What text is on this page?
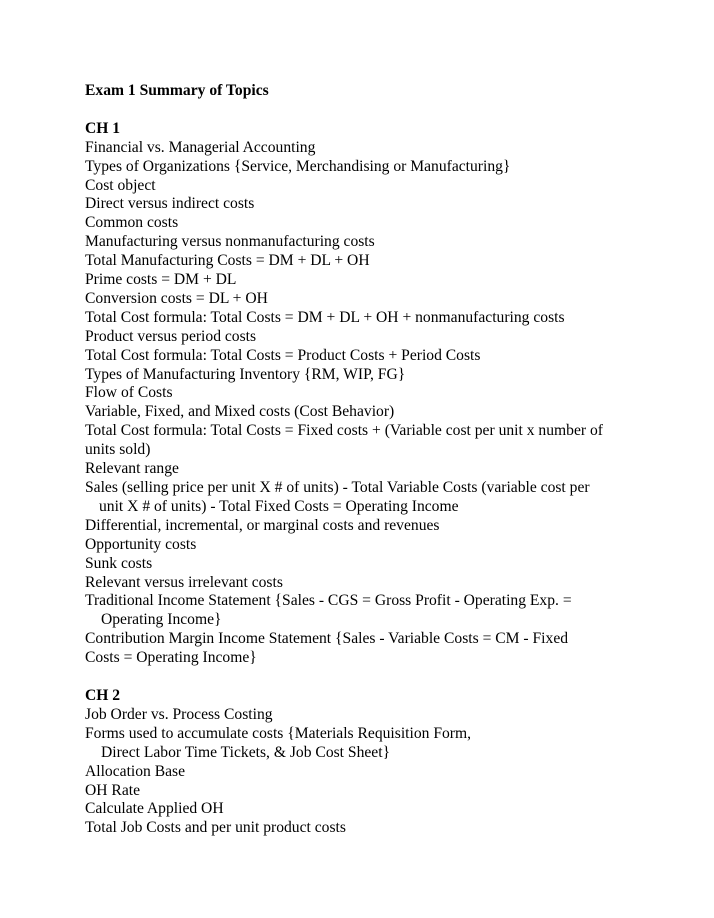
Exam 1 Summary of Topics

CH 1

Financial vs. Managerial Accounting

Types of Organizations {Service, Merchandising or Manufacturing}

Cost object

Direct versus indirect costs

Common costs

Manufacturing versus nonmanufacturing costs

Total Manufacturing Costs = DM + DL + OH

Prime costs = DM + DL

Conversion costs = DL + OH

Total Cost formula: Total Costs = DM + DL + OH + nonmanufacturing costs

Product versus period costs

Total Cost formula: Total Costs = Product Costs + Period Costs

Types of Manufacturing Inventory {RM, WIP, FG}

Flow of Costs

Variable, Fixed, and Mixed costs (Cost Behavior)

Total Cost formula: Total Costs = Fixed costs + (Variable cost per unit x number of

units sold)

Relevant range

Sales (selling price per unit X # of units) - Total Variable Costs (variable cost per

unit X # of units) - Total Fixed Costs = Operating Income

Differential, incremental, or marginal costs and revenues

Opportunity costs

Sunk costs

Relevant versus irrelevant costs

Traditional Income Statement {Sales - CGS = Gross Profit - Operating Exp. =

Operating Income}

Contribution Margin Income Statement {Sales - Variable Costs = CM - Fixed

Costs = Operating Income}

CH 2

Job Order vs. Process Costing

Forms used to accumulate costs {Materials Requisition Form,

Direct Labor Time Tickets, & Job Cost Sheet}

Allocation Base

OH Rate

Calculate Applied OH

Total Job Costs and per unit product costs
